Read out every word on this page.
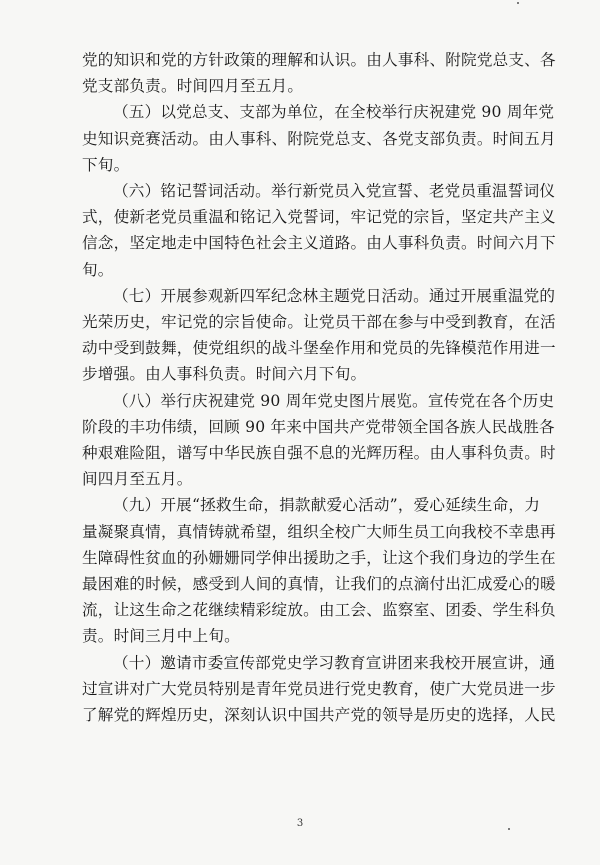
党的知识和党的方针政策的理解和认识。由人事科、附院党总支、各
党支部负责。时间四月至五月。

（五）以党总支、支部为单位，在全校举行庆祝建党 90 周年党
史知识竞赛活动。由人事科、附院党总支、各党支部负责。时间五月
下旬。

（六）铭记誓词活动。举行新党员入党宣誓、老党员重温誓词仪
式，使新老党员重温和铭记入党誓词，牢记党的宗旨，坚定共产主义
信念，坚定地走中国特色社会主义道路。由人事科负责。时间六月下
旬。

（七）开展参观新四军纪念林主题党日活动。通过开展重温党的
光荣历史，牢记党的宗旨使命。让党员干部在参与中受到教育，在活
动中受到鼓舞，使党组织的战斗堡垒作用和党员的先锋模范作用进一
步增强。由人事科负责。时间六月下旬。

（八）举行庆祝建党 90 周年党史图片展览。宣传党在各个历史
阶段的丰功伟绩，回顾 90 年来中国共产党带领全国各族人民战胜各
种艰难险阻，谱写中华民族自强不息的光辉历程。由人事科负责。时
间四月至五月。

（九）开展“拯救生命，捐款献爱心活动”，爱心延续生命，力
量凝聚真情，真情铸就希望，组织全校广大师生员工向我校不幸患再
生障碍性贫血的孙姗姗同学伸出援助之手，让这个我们身边的学生在
最困难的时候，感受到人间的真情，让我们的点滴付出汇成爱心的暖
流，让这生命之花继续精彩绽放。由工会、监察室、团委、学生科负
责。时间三月中上旬。

（十）邀请市委宣传部党史学习教育宣讲团来我校开展宣讲，通
过宣讲对广大党员特别是青年党员进行党史教育，使广大党员进一步
了解党的辉煌历史，深刻认识中国共产党的领导是历史的选择，人民

3
